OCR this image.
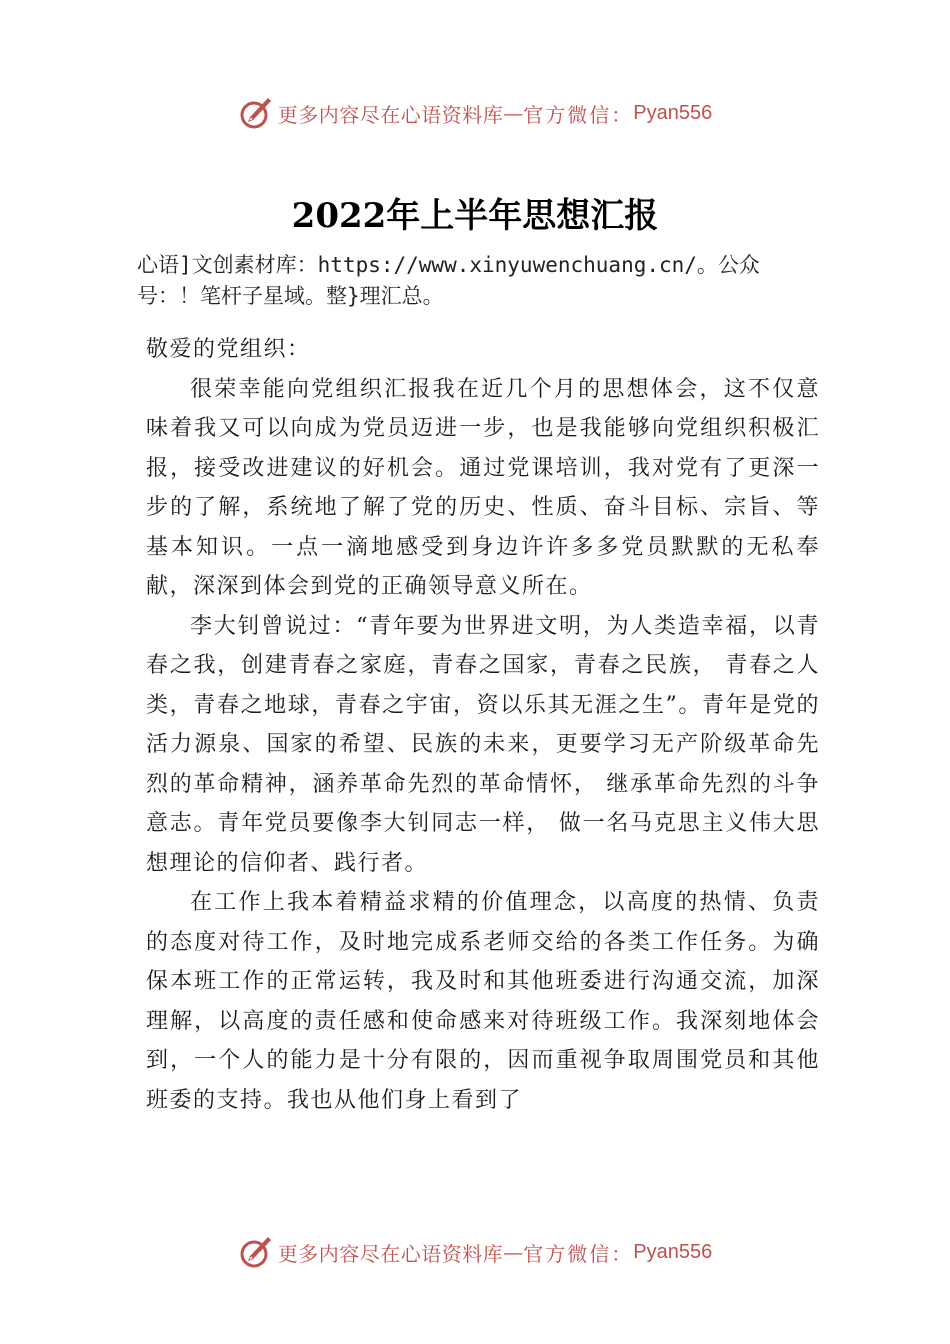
更多内容尽在心语资料库 — 官方微信： Pyan556
2022年上半年思想汇报
心语]文创素材库：https://www.xinyuwenchuang.cn/。公众号：！笔杆子星域。整}理汇总。

敬爱的党组织：

很荣幸能向党组织汇报我在近几个月的思想体会，这不仅意味着我又可以向成为党员迈进一步，也是我能够向党组织积极汇报，接受改进建议的好机会。通过党课培训，我对党有了更深一步的了解，系统地了解了党的历史、性质、奋斗目标、宗旨、等基本知识。一点一滴地感受到身边许许多多党员默默的无私奉献，深深到体会到党的正确领导意义所在。

李大钊曾说过：“青年要为世界进文明，为人类造幸福，以青春之我，创建青春之家庭，青春之国家，青春之民族， 青春之人类，青春之地球，青春之宇宙，资以乐其无涯之生”。青年是党的活力源泉、国家的希望、民族的未来，更要学习无产阶级革命先烈的革命精神，涵养革命先烈的革命情怀， 继承革命先烈的斗争意志。青年党员要像李大钊同志一样， 做一名马克思主义伟大思想理论的信仰者、践行者。

在工作上我本着精益求精的价值理念，以高度的热情、负责的态度对待工作，及时地完成系老师交给的各类工作任务。为确保本班工作的正常运转，我及时和其他班委进行沟通交流，加深理解，以高度的责任感和使命感来对待班级工作。我深刻地体会到，一个人的能力是十分有限的，因而重视争取周围党员和其他班委的支持。我也从他们身上看到了

更多内容尽在心语资料库 — 官方微信： Pyan556
